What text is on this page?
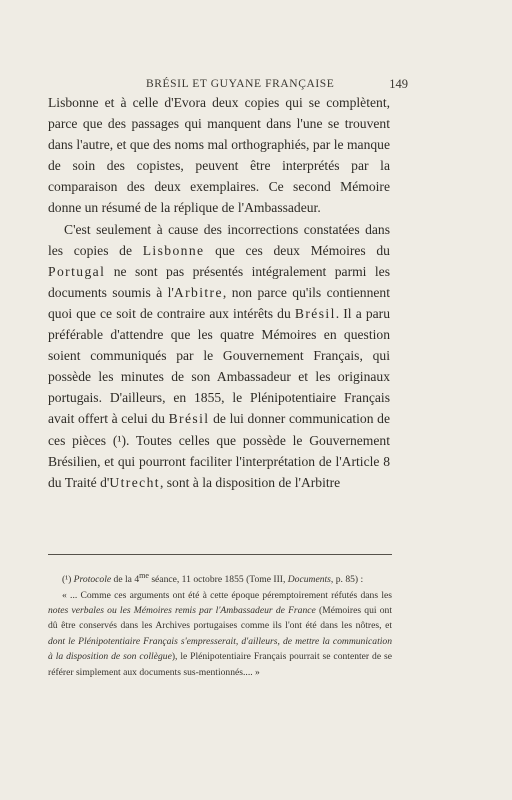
BRÉSIL ET GUYANE FRANÇAISE	149

Lisbonne et à celle d'Evora deux copies qui se complètent, parce que des passages qui manquent dans l'une se trouvent dans l'autre, et que des noms mal orthographiés, par le manque de soin des copistes, peuvent être interprétés par la comparaison des deux exemplaires. Ce second Mémoire donne un résumé de la réplique de l'Ambassadeur.

C'est seulement à cause des incorrections constatées dans les copies de Lisbonne que ces deux Mémoires du Portugal ne sont pas présentés intégralement parmi les documents soumis à l'Arbitre, non parce qu'ils contiennent quoi que ce soit de contraire aux intérêts du Brésil. Il a paru préférable d'attendre que les quatre Mémoires en question soient communiqués par le Gouvernement Français, qui possède les minutes de son Ambassadeur et les originaux portugais. D'ailleurs, en 1855, le Plénipotentiaire Français avait offert à celui du Brésil de lui donner communication de ces pièces (¹). Toutes celles que possède le Gouvernement Brésilien, et qui pourront faciliter l'interprétation de l'Article 8 du Traité d'Utrecht, sont à la disposition de l'Arbitre

(¹) Protocole de la $4^{me}$ séance, 11 octobre 1855 (Tome III, Documents, p. 85) :

« ... Comme ces arguments ont été à cette époque péremptoirement réfutés dans les notes verbales ou les Mémoires remis par l'Ambassadeur de France (Mémoires qui ont dû être conservés dans les Archives portugaises comme ils l'ont été dans les nôtres, et dont le Plénipotentiaire Français s'empresserait, d'ailleurs, de mettre la communication à la disposition de son collègue), le Plénipotentiaire Français pourrait se contenter de se référer simplement aux documents sus-mentionnés.... »
